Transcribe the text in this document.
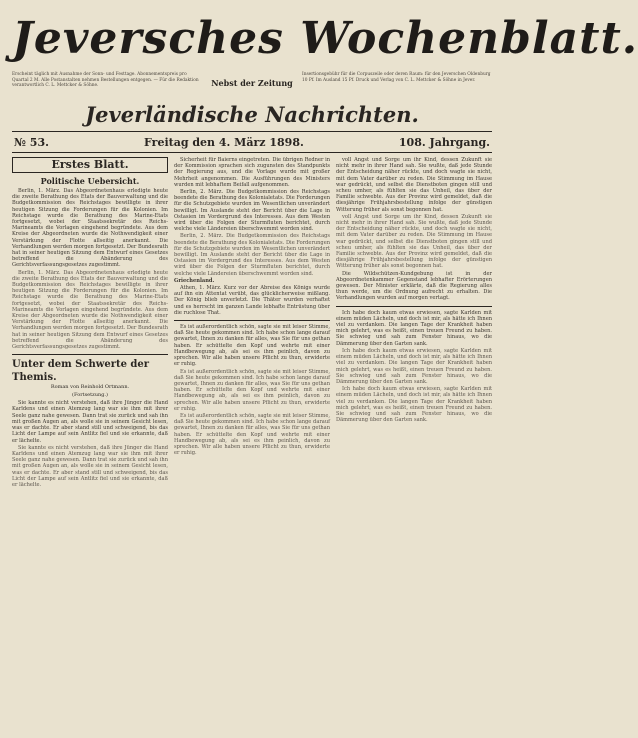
Jeversches Wochenblatt.
Erscheint täglich mit Ausnahme der Sonn- und Festtage. Abonnementspreis pro Quartal 2 M. Alle Postanstalten nehmen Bestellungen entgegen. — Für die Redaktion verantwortlich C. L. Mettcker & Söhne.	Nebst der Zeitung
Insertionsgebühr für die Corpuszeile oder deren Raum: für den Jeverschen Oldenburg 10 Pf. Im Ausland 15 Pf. Druck und Verlag von C. L. Mettcker & Söhne in Jever.
Jeverländische Nachrichten.
№ 53.	Freitag den 4. März 1898.	108. Jahrgang.
Erstes Blatt.
Politische Uebersicht.

Berlin, 1. März. Das Abgeordnetenhaus erledigte heute die zweite Berathung des Etats der Bauverwaltung und die Budgetkommission des Reichstages bewilligte in ihrer heutigen Sitzung die Forderungen für die Kolonien. Im Reichstage wurde die Berathung des Marine-Etats fortgesetzt, wobei der Staatssekretär des Reichs-Marineamts die Vorlagen eingehend begründete. Aus dem Kreise der Abgeordneten wurde die Nothwendigkeit einer Verstärkung der Flotte allseitig anerkannt. Die Verhandlungen werden morgen fortgesetzt. Der Bundesrath hat in seiner heutigen Sitzung dem Entwurf eines Gesetzes betreffend die Abänderung des Gerichtsverfassungsgesetzes zugestimmt.

Berlin, 1. März. Das Abgeordnetenhaus erledigte heute die zweite Berathung des Etats der Bauverwaltung und die Budgetkommission des Reichstages bewilligte in ihrer heutigen Sitzung die Forderungen für die Kolonien. Im Reichstage wurde die Berathung des Marine-Etats fortgesetzt, wobei der Staatssekretär des Reichs-Marineamts die Vorlagen eingehend begründete. Aus dem Kreise der Abgeordneten wurde die Nothwendigkeit einer Verstärkung der Flotte allseitig anerkannt. Die Verhandlungen werden morgen fortgesetzt. Der Bundesrath hat in seiner heutigen Sitzung dem Entwurf eines Gesetzes betreffend die Abänderung des Gerichtsverfassungsgesetzes zugestimmt.

Unter dem Schwerte der Themis.
Roman von Reinhold Ortmann.
(Fortsetzung.)

Sie kannte es nicht verstehen, daß ihre Jünger die Hand Karldens und einen Atemzug lang war sie ihm mit ihrer Seele ganz nahe gewesen. Dann trat sie zurück und sah ihn mit großen Augen an, als wolle sie in seinem Gesicht lesen, was er dachte. Er aber stand still und schweigend, bis das Licht der Lampe auf sein Antlitz fiel und sie erkannte, daß er lächelte.

Sie kannte es nicht verstehen, daß ihre Jünger die Hand Karldens und einen Atemzug lang war sie ihm mit ihrer Seele ganz nahe gewesen. Dann trat sie zurück und sah ihn mit großen Augen an, als wolle sie in seinem Gesicht lesen, was er dachte. Er aber stand still und schweigend, bis das Licht der Lampe auf sein Antlitz fiel und sie erkannte, daß er lächelte.

Sicherheit für Baierns eingetreten. Die übrigen Redner in der Kommission sprachen sich zugunsten des Standpunkts der Regierung aus, und die Vorlage wurde mit großer Mehrheit angenommen. Die Ausführungen des Ministers wurden mit lebhaftem Beifall aufgenommen.

Berlin, 2. März. Die Budgetkommission des Reichstags beendete die Berathung des Kolonialetats. Die Forderungen für die Schutzgebiete wurden im Wesentlichen unverändert bewilligt. Im Auslande steht der Bericht über die Lage in Ostasien im Vordergrund des Interesses. Aus dem Westen wird über die Folgen der Sturmfluten berichtet, durch welche viele Ländereien überschwemmt worden sind.

Berlin, 2. März. Die Budgetkommission des Reichstags beendete die Berathung des Kolonialetats. Die Forderungen für die Schutzgebiete wurden im Wesentlichen unverändert bewilligt. Im Auslande steht der Bericht über die Lage in Ostasien im Vordergrund des Interesses. Aus dem Westen wird über die Folgen der Sturmfluten berichtet, durch welche viele Ländereien überschwemmt worden sind.

Griechenland.

Athen, 1. März. Kurz vor der Abreise des Königs wurde auf ihn ein Attentat verübt, das glücklicherweise mißlang. Der König blieb unverletzt. Die Thäter wurden verhaftet und es herrscht im ganzen Lande lebhafte Entrüstung über die ruchlose That.

Es ist außerordentlich schön, sagte sie mit leiser Stimme, daß Sie heute gekommen sind. Ich habe schon lange darauf gewartet, Ihnen zu danken für alles, was Sie für uns gethan haben. Er schüttelte den Kopf und wehrte mit einer Handbewegung ab, als sei es ihm peinlich, davon zu sprechen. Wir alle haben unsere Pflicht zu thun, erwiderte er ruhig.

Es ist außerordentlich schön, sagte sie mit leiser Stimme, daß Sie heute gekommen sind. Ich habe schon lange darauf gewartet, Ihnen zu danken für alles, was Sie für uns gethan haben. Er schüttelte den Kopf und wehrte mit einer Handbewegung ab, als sei es ihm peinlich, davon zu sprechen. Wir alle haben unsere Pflicht zu thun, erwiderte er ruhig.

Es ist außerordentlich schön, sagte sie mit leiser Stimme, daß Sie heute gekommen sind. Ich habe schon lange darauf gewartet, Ihnen zu danken für alles, was Sie für uns gethan haben. Er schüttelte den Kopf und wehrte mit einer Handbewegung ab, als sei es ihm peinlich, davon zu sprechen. Wir alle haben unsere Pflicht zu thun, erwiderte er ruhig.

voll Angst und Sorge um ihr Kind, dessen Zukunft sie nicht mehr in ihrer Hand sah. Sie wußte, daß jede Stunde der Entscheidung näher rückte, und doch wagte sie nicht, mit dem Vater darüber zu reden. Die Stimmung im Hause war gedrückt, und selbst die Dienstboten gingen still und scheu umher, als fühlten sie das Unheil, das über der Familie schwebte. Aus der Provinz wird gemeldet, daß die diesjährige Frühjahrsbestellung infolge der günstigen Witterung früher als sonst begonnen hat.

voll Angst und Sorge um ihr Kind, dessen Zukunft sie nicht mehr in ihrer Hand sah. Sie wußte, daß jede Stunde der Entscheidung näher rückte, und doch wagte sie nicht, mit dem Vater darüber zu reden. Die Stimmung im Hause war gedrückt, und selbst die Dienstboten gingen still und scheu umher, als fühlten sie das Unheil, das über der Familie schwebte. Aus der Provinz wird gemeldet, daß die diesjährige Frühjahrsbestellung infolge der günstigen Witterung früher als sonst begonnen hat.

Die Wildschützen-Kundgebung ist in der Abgeordnetenkammer Gegenstand lebhafter Erörterungen gewesen. Der Minister erklärte, daß die Regierung alles thun werde, um die Ordnung aufrecht zu erhalten. Die Verhandlungen wurden auf morgen vertagt.

Ich habe doch kaum etwas erwiesen, sagte Karlden mit einem müden Lächeln, und doch ist mir, als hätte ich Ihnen viel zu verdanken. Die langen Tage der Krankheit haben mich gelehrt, was es heißt, einen treuen Freund zu haben. Sie schwieg und sah zum Fenster hinaus, wo die Dämmerung über den Garten sank.

Ich habe doch kaum etwas erwiesen, sagte Karlden mit einem müden Lächeln, und doch ist mir, als hätte ich Ihnen viel zu verdanken. Die langen Tage der Krankheit haben mich gelehrt, was es heißt, einen treuen Freund zu haben. Sie schwieg und sah zum Fenster hinaus, wo die Dämmerung über den Garten sank.

Ich habe doch kaum etwas erwiesen, sagte Karlden mit einem müden Lächeln, und doch ist mir, als hätte ich Ihnen viel zu verdanken. Die langen Tage der Krankheit haben mich gelehrt, was es heißt, einen treuen Freund zu haben. Sie schwieg und sah zum Fenster hinaus, wo die Dämmerung über den Garten sank.
